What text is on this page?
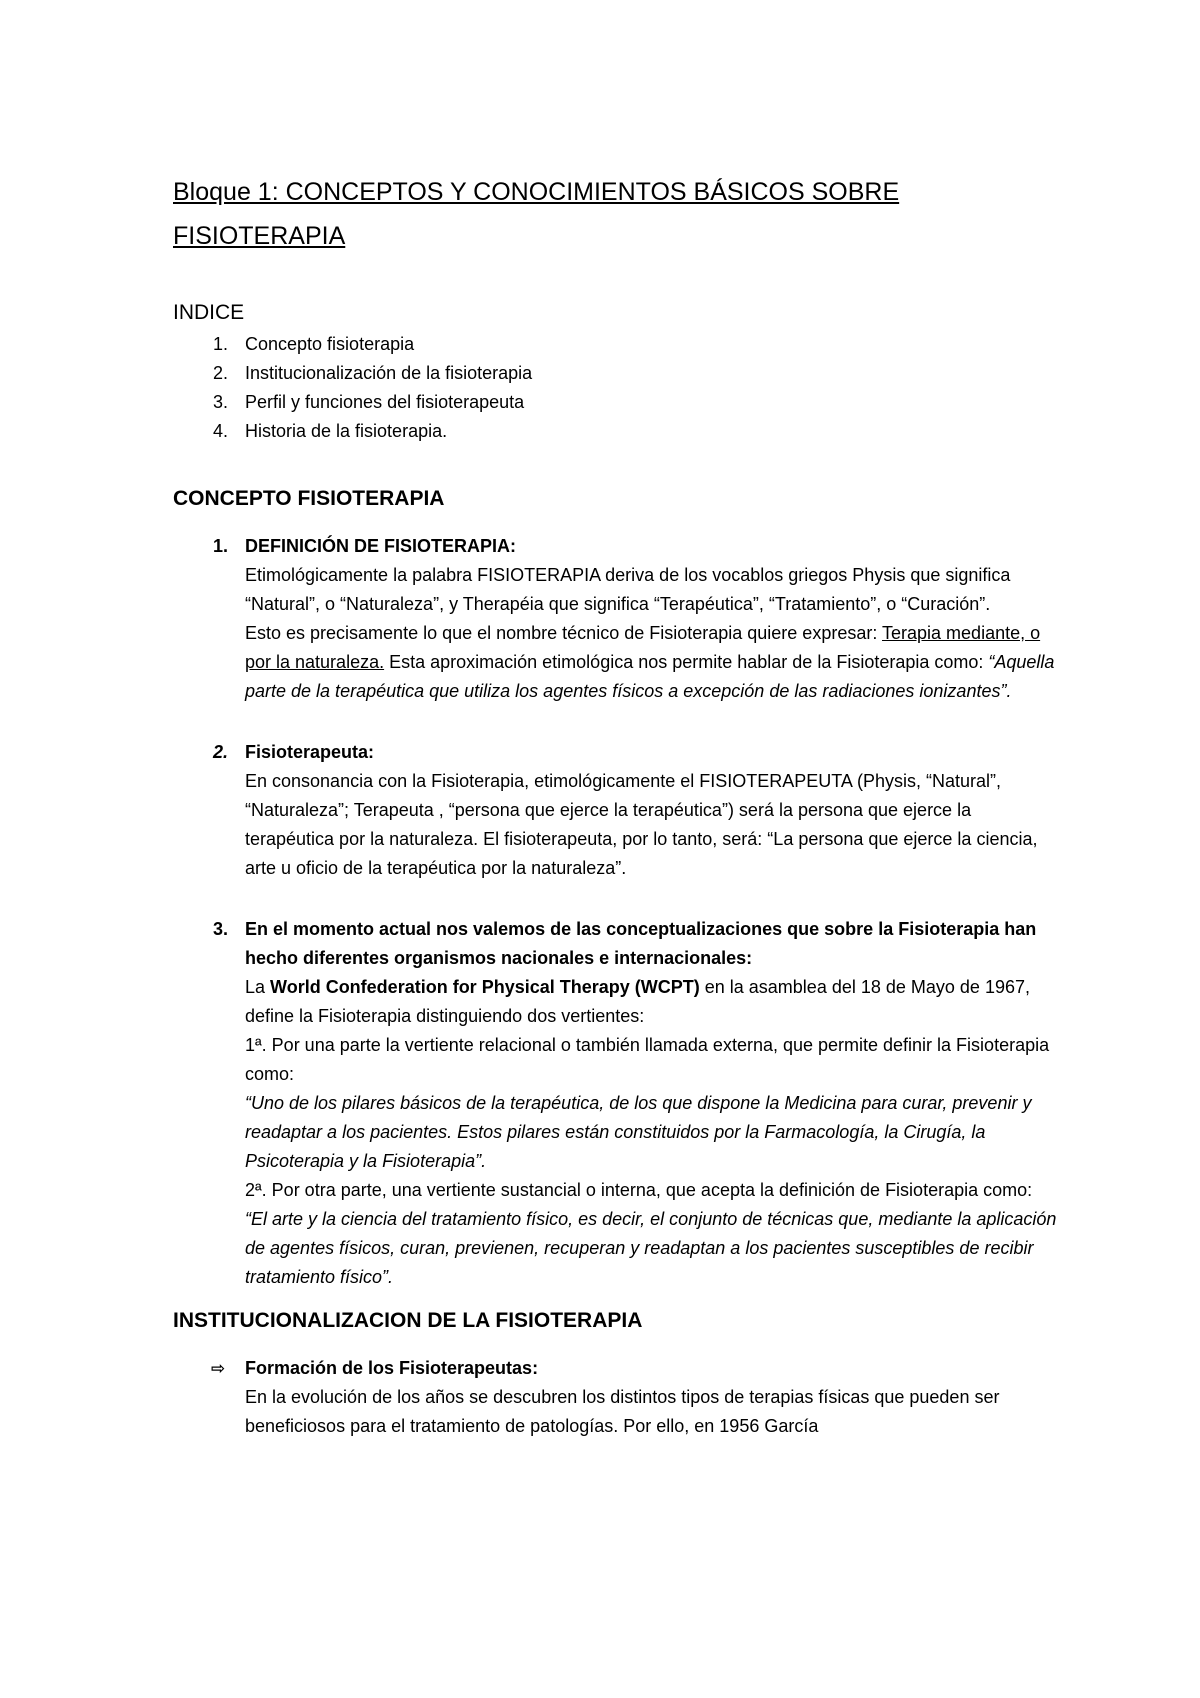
Bloque 1: CONCEPTOS Y CONOCIMIENTOS BÁSICOS SOBRE
FISIOTERAPIA
INDICE
1. Concepto fisioterapia
2. Institucionalización de la fisioterapia
3. Perfil y funciones del fisioterapeuta
4. Historia de la fisioterapia.
CONCEPTO FISIOTERAPIA
1. DEFINICIÓN DE FISIOTERAPIA:

Etimológicamente la palabra FISIOTERAPIA deriva de los vocablos griegos Physis que significa “Natural”, o “Naturaleza”, y Therapéia que significa “Terapéutica”, “Tratamiento”, o “Curación”.

Esto es precisamente lo que el nombre técnico de Fisioterapia quiere expresar: Terapia mediante, o por la naturaleza. Esta aproximación etimológica nos permite hablar de la Fisioterapia como: “Aquella parte de la terapéutica que utiliza los agentes físicos a excepción de las radiaciones ionizantes”.

2. Fisioterapeuta:

En consonancia con la Fisioterapia, etimológicamente el FISIOTERAPEUTA (Physis, “Natural”, “Naturaleza”; Terapeuta , “persona que ejerce la terapéutica”) será la persona que ejerce la terapéutica por la naturaleza. El fisioterapeuta, por lo tanto, será: “La persona que ejerce la ciencia, arte u oficio de la terapéutica por la naturaleza”.

3. En el momento actual nos valemos de las conceptualizaciones que sobre la Fisioterapia han hecho diferentes organismos nacionales e internacionales:

La World Confederation for Physical Therapy (WCPT) en la asamblea del 18 de Mayo de 1967, define la Fisioterapia distinguiendo dos vertientes:

1ª. Por una parte la vertiente relacional o también llamada externa, que permite definir la Fisioterapia como:

“Uno de los pilares básicos de la terapéutica, de los que dispone la Medicina para curar, prevenir y readaptar a los pacientes. Estos pilares están constituidos por la Farmacología, la Cirugía, la Psicoterapia y la Fisioterapia”.

2ª. Por otra parte, una vertiente sustancial o interna, que acepta la definición de Fisioterapia como:

“El arte y la ciencia del tratamiento físico, es decir, el conjunto de técnicas que, mediante la aplicación de agentes físicos, curan, previenen, recuperan y readaptan a los pacientes susceptibles de recibir tratamiento físico”.

INSTITUCIONALIZACION DE LA FISIOTERAPIA
⇨ Formación de los Fisioterapeutas:

En la evolución de los años se descubren los distintos tipos de terapias físicas que pueden ser beneficiosos para el tratamiento de patologías. Por ello, en 1956 García
